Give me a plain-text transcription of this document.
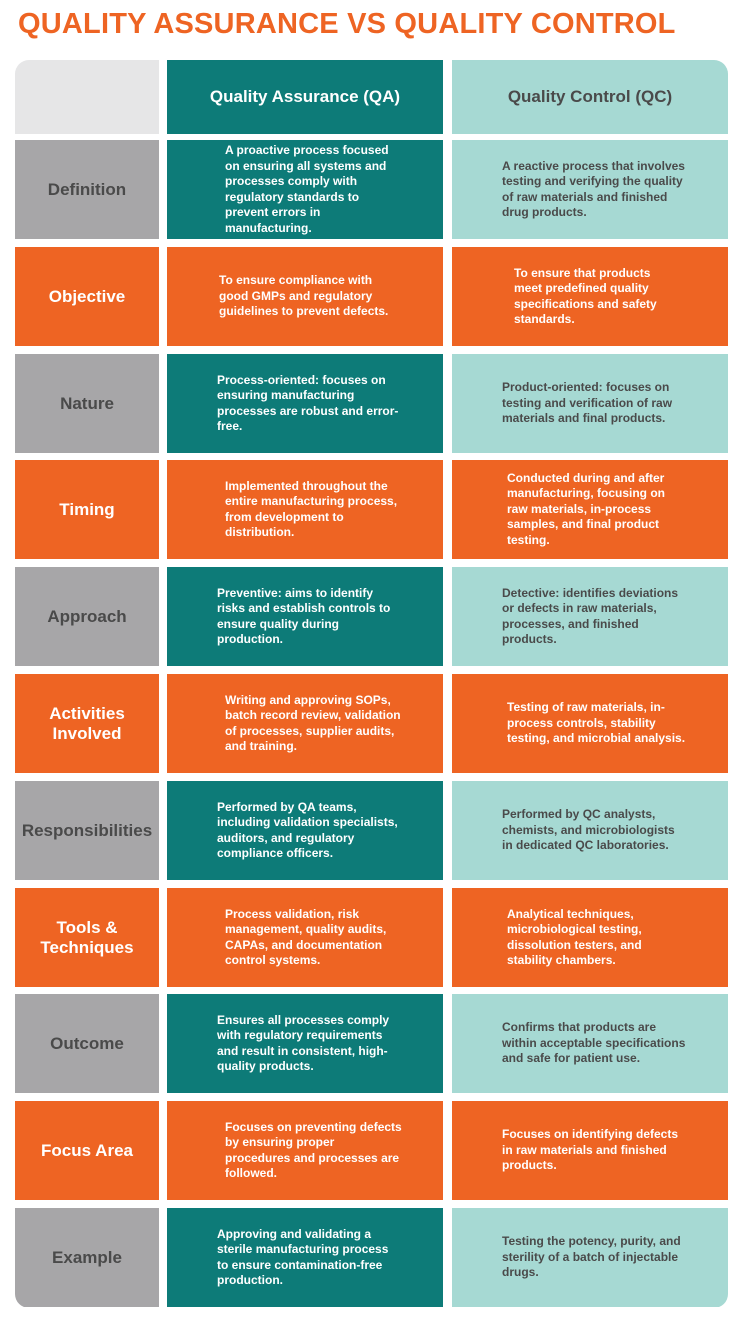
QUALITY ASSURANCE VS QUALITY CONTROL
Quality Assurance (QA)	Quality Control (QC)
Definition
A proactive process focused on ensuring all systems and processes comply with regulatory standards to prevent errors in manufacturing.
A reactive process that involves testing and verifying the quality of raw materials and finished drug products.
Objective
To ensure compliance with good GMPs and regulatory guidelines to prevent defects.
To ensure that products meet predefined quality specifications and safety standards.
Nature
Process-oriented: focuses on ensuring manufacturing processes are robust and error-free.
Product-oriented: focuses on testing and verification of raw materials and final products.
Timing
Implemented throughout the entire manufacturing process, from development to distribution.
Conducted during and after manufacturing, focusing on raw materials, in-process samples, and final product testing.
Approach
Preventive: aims to identify risks and establish controls to ensure quality during production.
Detective: identifies deviations or defects in raw materials, processes, and finished products.
Activities Involved
Writing and approving SOPs, batch record review, validation of processes, supplier audits, and training.
Testing of raw materials, in-process controls, stability testing, and microbial analysis.
Responsibilities
Performed by QA teams, including validation specialists, auditors, and regulatory compliance officers.
Performed by QC analysts, chemists, and microbiologists in dedicated QC laboratories.
Tools & Techniques
Process validation, risk management, quality audits, CAPAs, and documentation control systems.
Analytical techniques, microbiological testing, dissolution testers, and stability chambers.
Outcome
Ensures all processes comply with regulatory requirements and result in consistent, high-quality products.
Confirms that products are within acceptable specifications and safe for patient use.
Focus Area
Focuses on preventing defects by ensuring proper procedures and processes are followed.
Focuses on identifying defects in raw materials and finished products.
Example
Approving and validating a sterile manufacturing process to ensure contamination-free production.
Testing the potency, purity, and sterility of a batch of injectable drugs.
